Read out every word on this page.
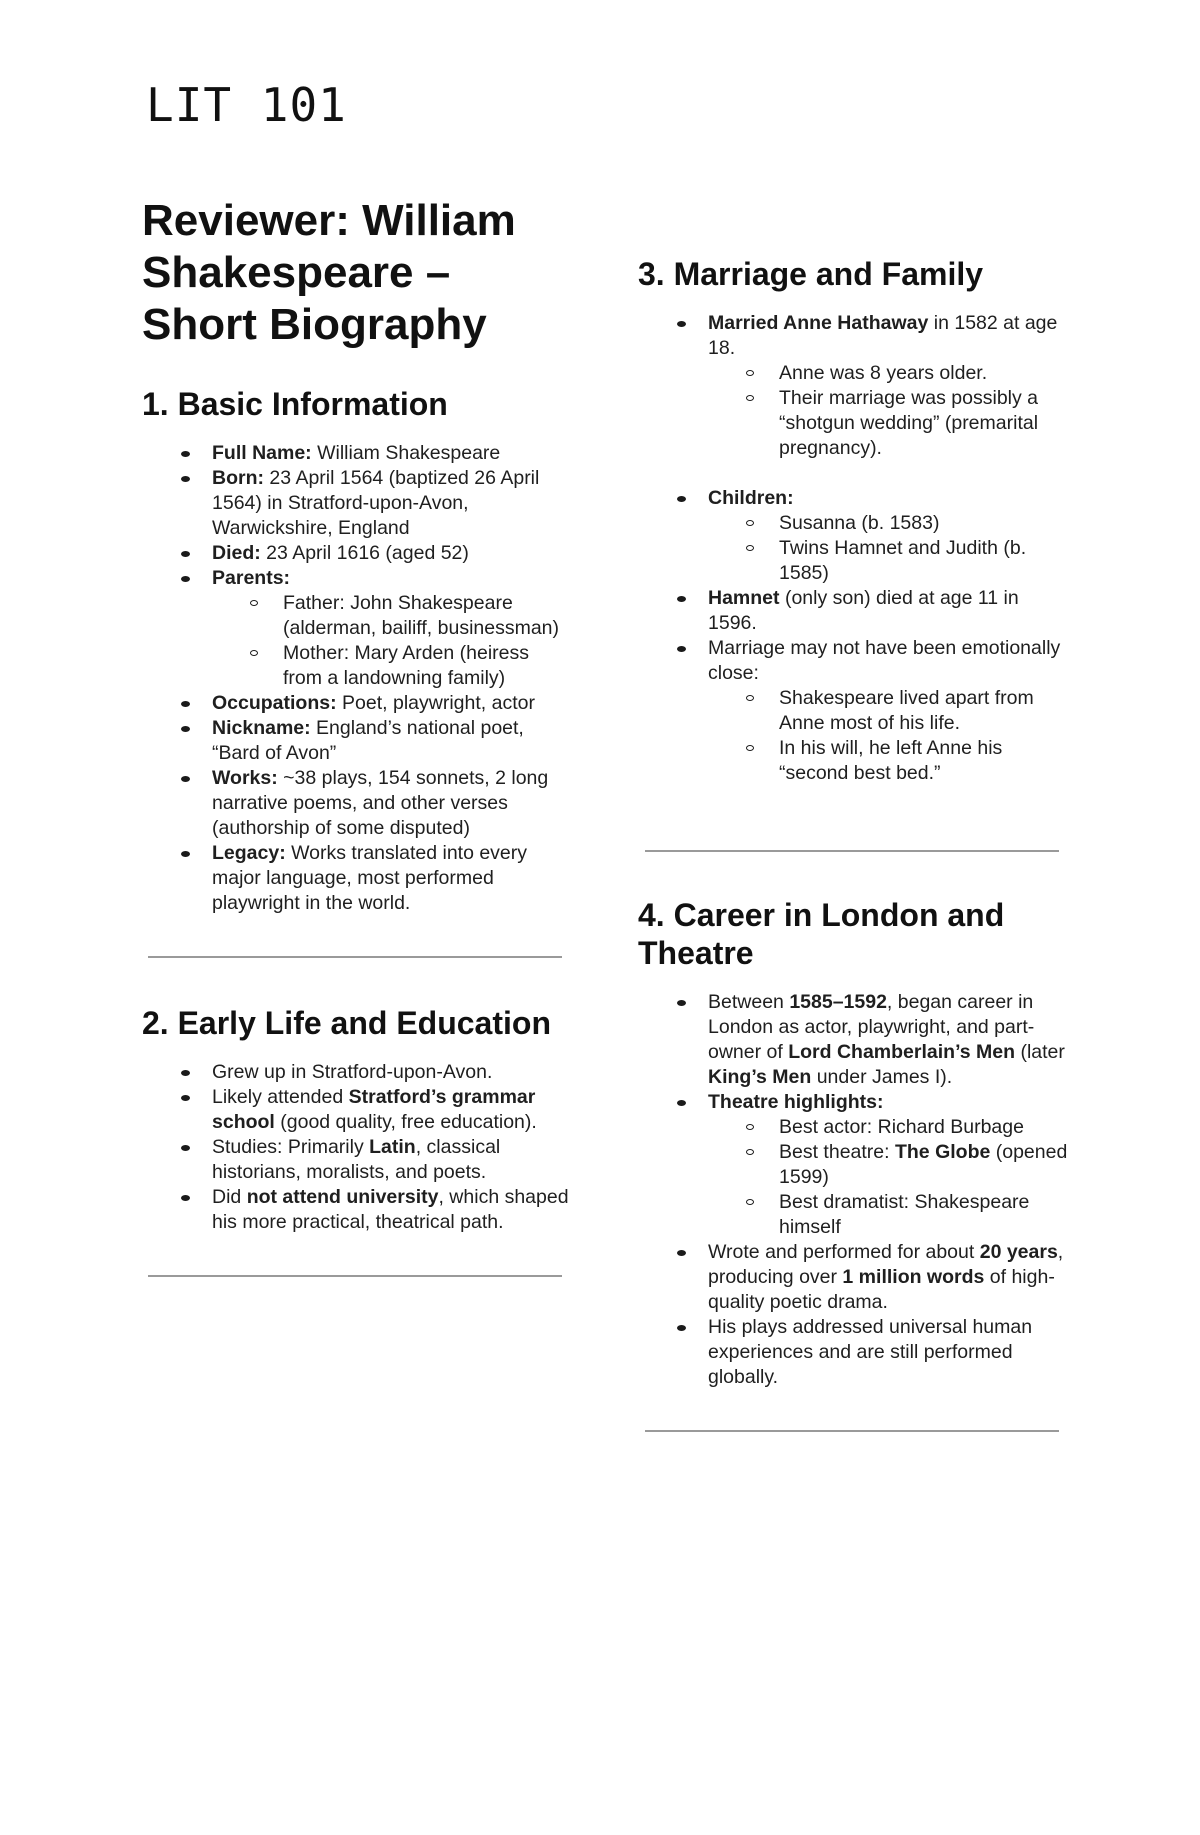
LIT 101
Reviewer: William Shakespeare – Short Biography
1. Basic Information
Full Name: William Shakespeare
Born: 23 April 1564 (baptized 26 April 1564) in Stratford-upon-Avon, Warwickshire, England
Died: 23 April 1616 (aged 52)
Parents:
Father: John Shakespeare (alderman, bailiff, businessman)
Mother: Mary Arden (heiress from a landowning family)
Occupations: Poet, playwright, actor
Nickname: England’s national poet, “Bard of Avon”
Works: ~38 plays, 154 sonnets, 2 long narrative poems, and other verses (authorship of some disputed)
Legacy: Works translated into every major language, most performed playwright in the world.
2. Early Life and Education
Grew up in Stratford-upon-Avon.
Likely attended Stratford’s grammar school (good quality, free education).
Studies: Primarily Latin, classical historians, moralists, and poets.
Did not attend university, which shaped his more practical, theatrical path.
3. Marriage and Family
Married Anne Hathaway in 1582 at age 18.
Anne was 8 years older.
Their marriage was possibly a “shotgun wedding” (premarital pregnancy).
Children:
Susanna (b. 1583)
Twins Hamnet and Judith (b. 1585)
Hamnet (only son) died at age 11 in 1596.
Marriage may not have been emotionally close:
Shakespeare lived apart from Anne most of his life.
In his will, he left Anne his “second best bed.”
4. Career in London and Theatre
Between 1585–1592, began career in London as actor, playwright, and part-owner of Lord Chamberlain’s Men (later King’s Men under James I).
Theatre highlights:
Best actor: Richard Burbage
Best theatre: The Globe (opened 1599)
Best dramatist: Shakespeare himself
Wrote and performed for about 20 years, producing over 1 million words of high-quality poetic drama.
His plays addressed universal human experiences and are still performed globally.
